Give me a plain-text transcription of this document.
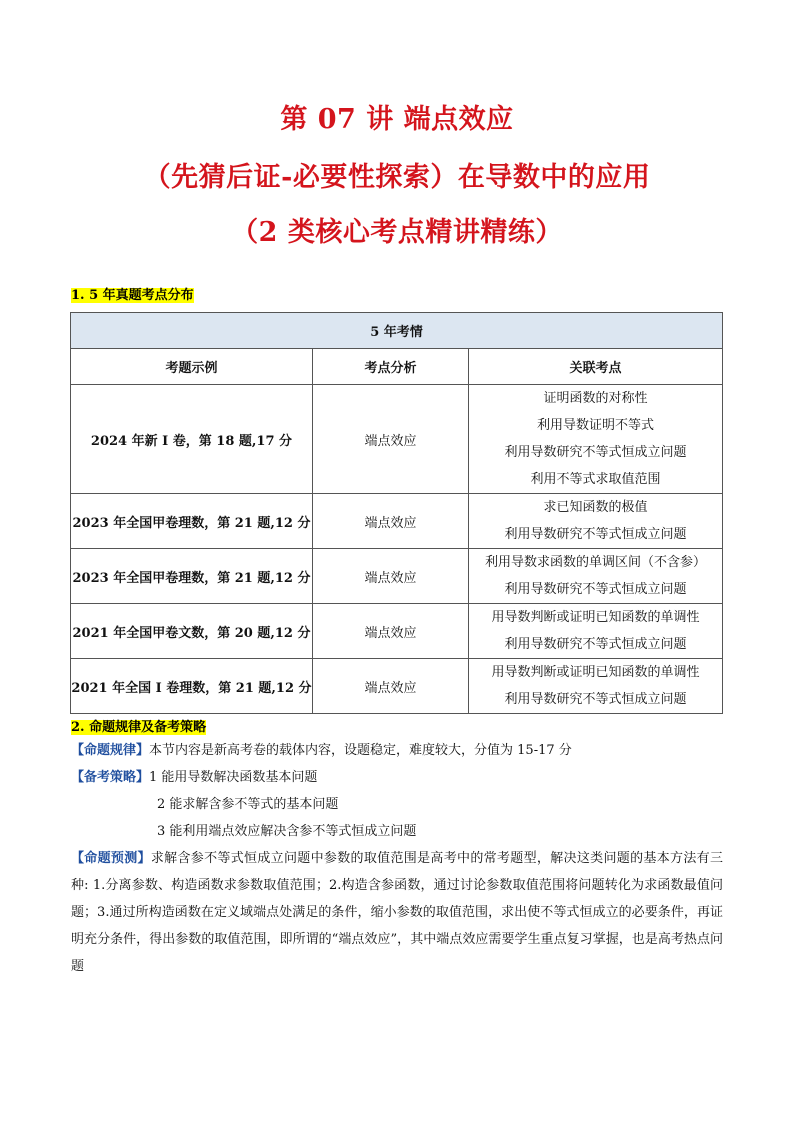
第 07 讲 端点效应
（先猜后证-必要性探索）在导数中的应用
（2 类核心考点精讲精练）
1. 5 年真题考点分布
5 年考情		
考题示例	考点分析	关联考点
2024 年新 I 卷，第 18 题,17 分	端点效应	证明函数的对称性
利用导数证明不等式
利用导数研究不等式恒成立问题
利用不等式求取值范围

2023 年全国甲卷理数，第 21 题,12 分	端点效应	求已知函数的极值
利用导数研究不等式恒成立问题

2023 年全国甲卷理数，第 21 题,12 分	端点效应	利用导数求函数的单调区间（不含参）
利用导数研究不等式恒成立问题

2021 年全国甲卷文数，第 20 题,12 分	端点效应	用导数判断或证明已知函数的单调性
利用导数研究不等式恒成立问题

2021 年全国 I 卷理数，第 21 题,12 分	端点效应	用导数判断或证明已知函数的单调性
利用导数研究不等式恒成立问题
2. 命题规律及备考策略
【命题规律】本节内容是新高考卷的载体内容，设题稳定，难度较大，分值为 15-17 分
【备考策略】1 能用导数解决函数基本问题
2 能求解含参不等式的基本问题
3 能利用端点效应解决含参不等式恒成立问题
【命题预测】求解含参不等式恒成立问题中参数的取值范围是高考中的常考题型，解决这类问题的基本方法有三种: 1.分离参数、构造函数求参数取值范围；2.构造含参函数，通过讨论参数取值范围将问题转化为求函数最值问题；3.通过所构造函数在定义域端点处满足的条件，缩小参数的取值范围，求出使不等式恒成立的必要条件，再证明充分条件，得出参数的取值范围，即所谓的“端点效应”，其中端点效应需要学生重点复习掌握，也是高考热点问题
